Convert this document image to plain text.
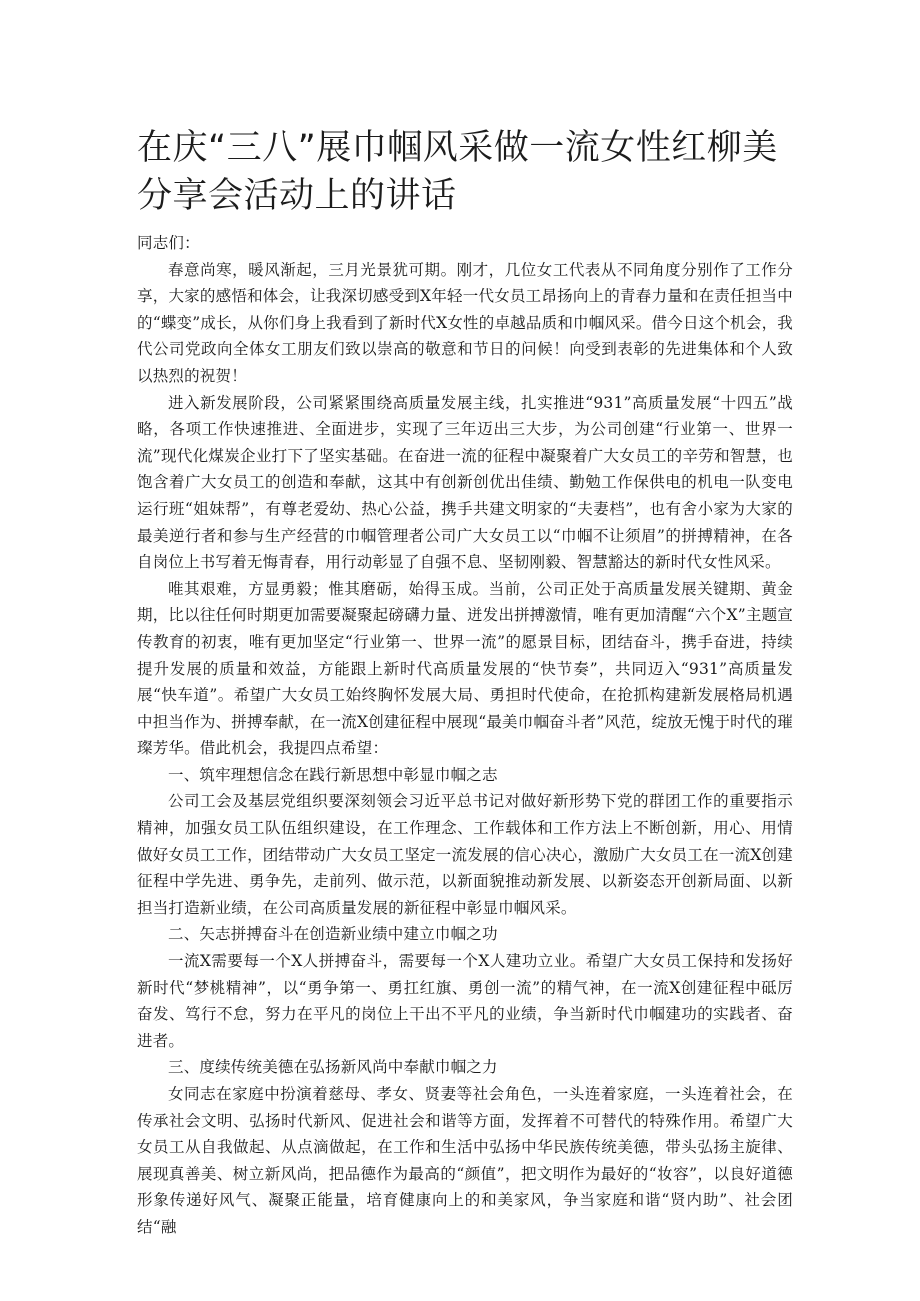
在庆“三八”展巾帼风采做一流女性红柳美分享会活动上的讲话

同志们：

春意尚寒，暖风渐起，三月光景犹可期。刚才，几位女工代表从不同角度分别作了工作分享，大家的感悟和体会，让我深切感受到X年轻一代女员工昂扬向上的青春力量和在责任担当中的“蝶变”成长，从你们身上我看到了新时代X女性的卓越品质和巾帼风采。借今日这个机会，我代公司党政向全体女工朋友们致以崇高的敬意和节日的问候！向受到表彰的先进集体和个人致以热烈的祝贺！

进入新发展阶段，公司紧紧围绕高质量发展主线，扎实推进“931”高质量发展“十四五”战略，各项工作快速推进、全面进步，实现了三年迈出三大步，为公司创建“行业第一、世界一流”现代化煤炭企业打下了坚实基础。在奋进一流的征程中凝聚着广大女员工的辛劳和智慧，也饱含着广大女员工的创造和奉献，这其中有创新创优出佳绩、勤勉工作保供电的机电一队变电运行班“姐妹帮”，有尊老爱幼、热心公益，携手共建文明家的“夫妻档”，也有舍小家为大家的最美逆行者和参与生产经营的巾帼管理者公司广大女员工以“巾帼不让须眉”的拼搏精神，在各自岗位上书写着无悔青春，用行动彰显了自强不息、坚韧刚毅、智慧豁达的新时代女性风采。

唯其艰难，方显勇毅；惟其磨砺，始得玉成。当前，公司正处于高质量发展关键期、黄金期，比以往任何时期更加需要凝聚起磅礴力量、迸发出拼搏激情，唯有更加清醒“六个X”主题宣传教育的初衷，唯有更加坚定“行业第一、世界一流”的愿景目标，团结奋斗，携手奋进，持续提升发展的质量和效益，方能跟上新时代高质量发展的“快节奏”，共同迈入“931”高质量发展“快车道”。希望广大女员工始终胸怀发展大局、勇担时代使命，在抢抓构建新发展格局机遇中担当作为、拼搏奉献，在一流X创建征程中展现“最美巾帼奋斗者”风范，绽放无愧于时代的璀璨芳华。借此机会，我提四点希望：

一、筑牢理想信念在践行新思想中彰显巾帼之志

公司工会及基层党组织要深刻领会习近平总书记对做好新形势下党的群团工作的重要指示精神，加强女员工队伍组织建设，在工作理念、工作载体和工作方法上不断创新，用心、用情做好女员工工作，团结带动广大女员工坚定一流发展的信心决心，激励广大女员工在一流X创建征程中学先进、勇争先，走前列、做示范，以新面貌推动新发展、以新姿态开创新局面、以新担当打造新业绩，在公司高质量发展的新征程中彰显巾帼风采。

二、矢志拼搏奋斗在创造新业绩中建立巾帼之功

一流X需要每一个X人拼搏奋斗，需要每一个X人建功立业。希望广大女员工保持和发扬好新时代“梦桃精神”，以“勇争第一、勇扛红旗、勇创一流”的精气神，在一流X创建征程中砥厉奋发、笃行不怠，努力在平凡的岗位上干出不平凡的业绩，争当新时代巾帼建功的实践者、奋进者。

三、度续传统美德在弘扬新风尚中奉献巾帼之力

女同志在家庭中扮演着慈母、孝女、贤妻等社会角色，一头连着家庭，一头连着社会，在传承社会文明、弘扬时代新风、促进社会和谐等方面，发挥着不可替代的特殊作用。希望广大女员工从自我做起、从点滴做起，在工作和生活中弘扬中华民族传统美德，带头弘扬主旋律、展现真善美、树立新风尚，把品德作为最高的“颜值”，把文明作为最好的“妆容”，以良好道德形象传递好风气、凝聚正能量，培育健康向上的和美家风，争当家庭和谐“贤内助”、社会团结“融
